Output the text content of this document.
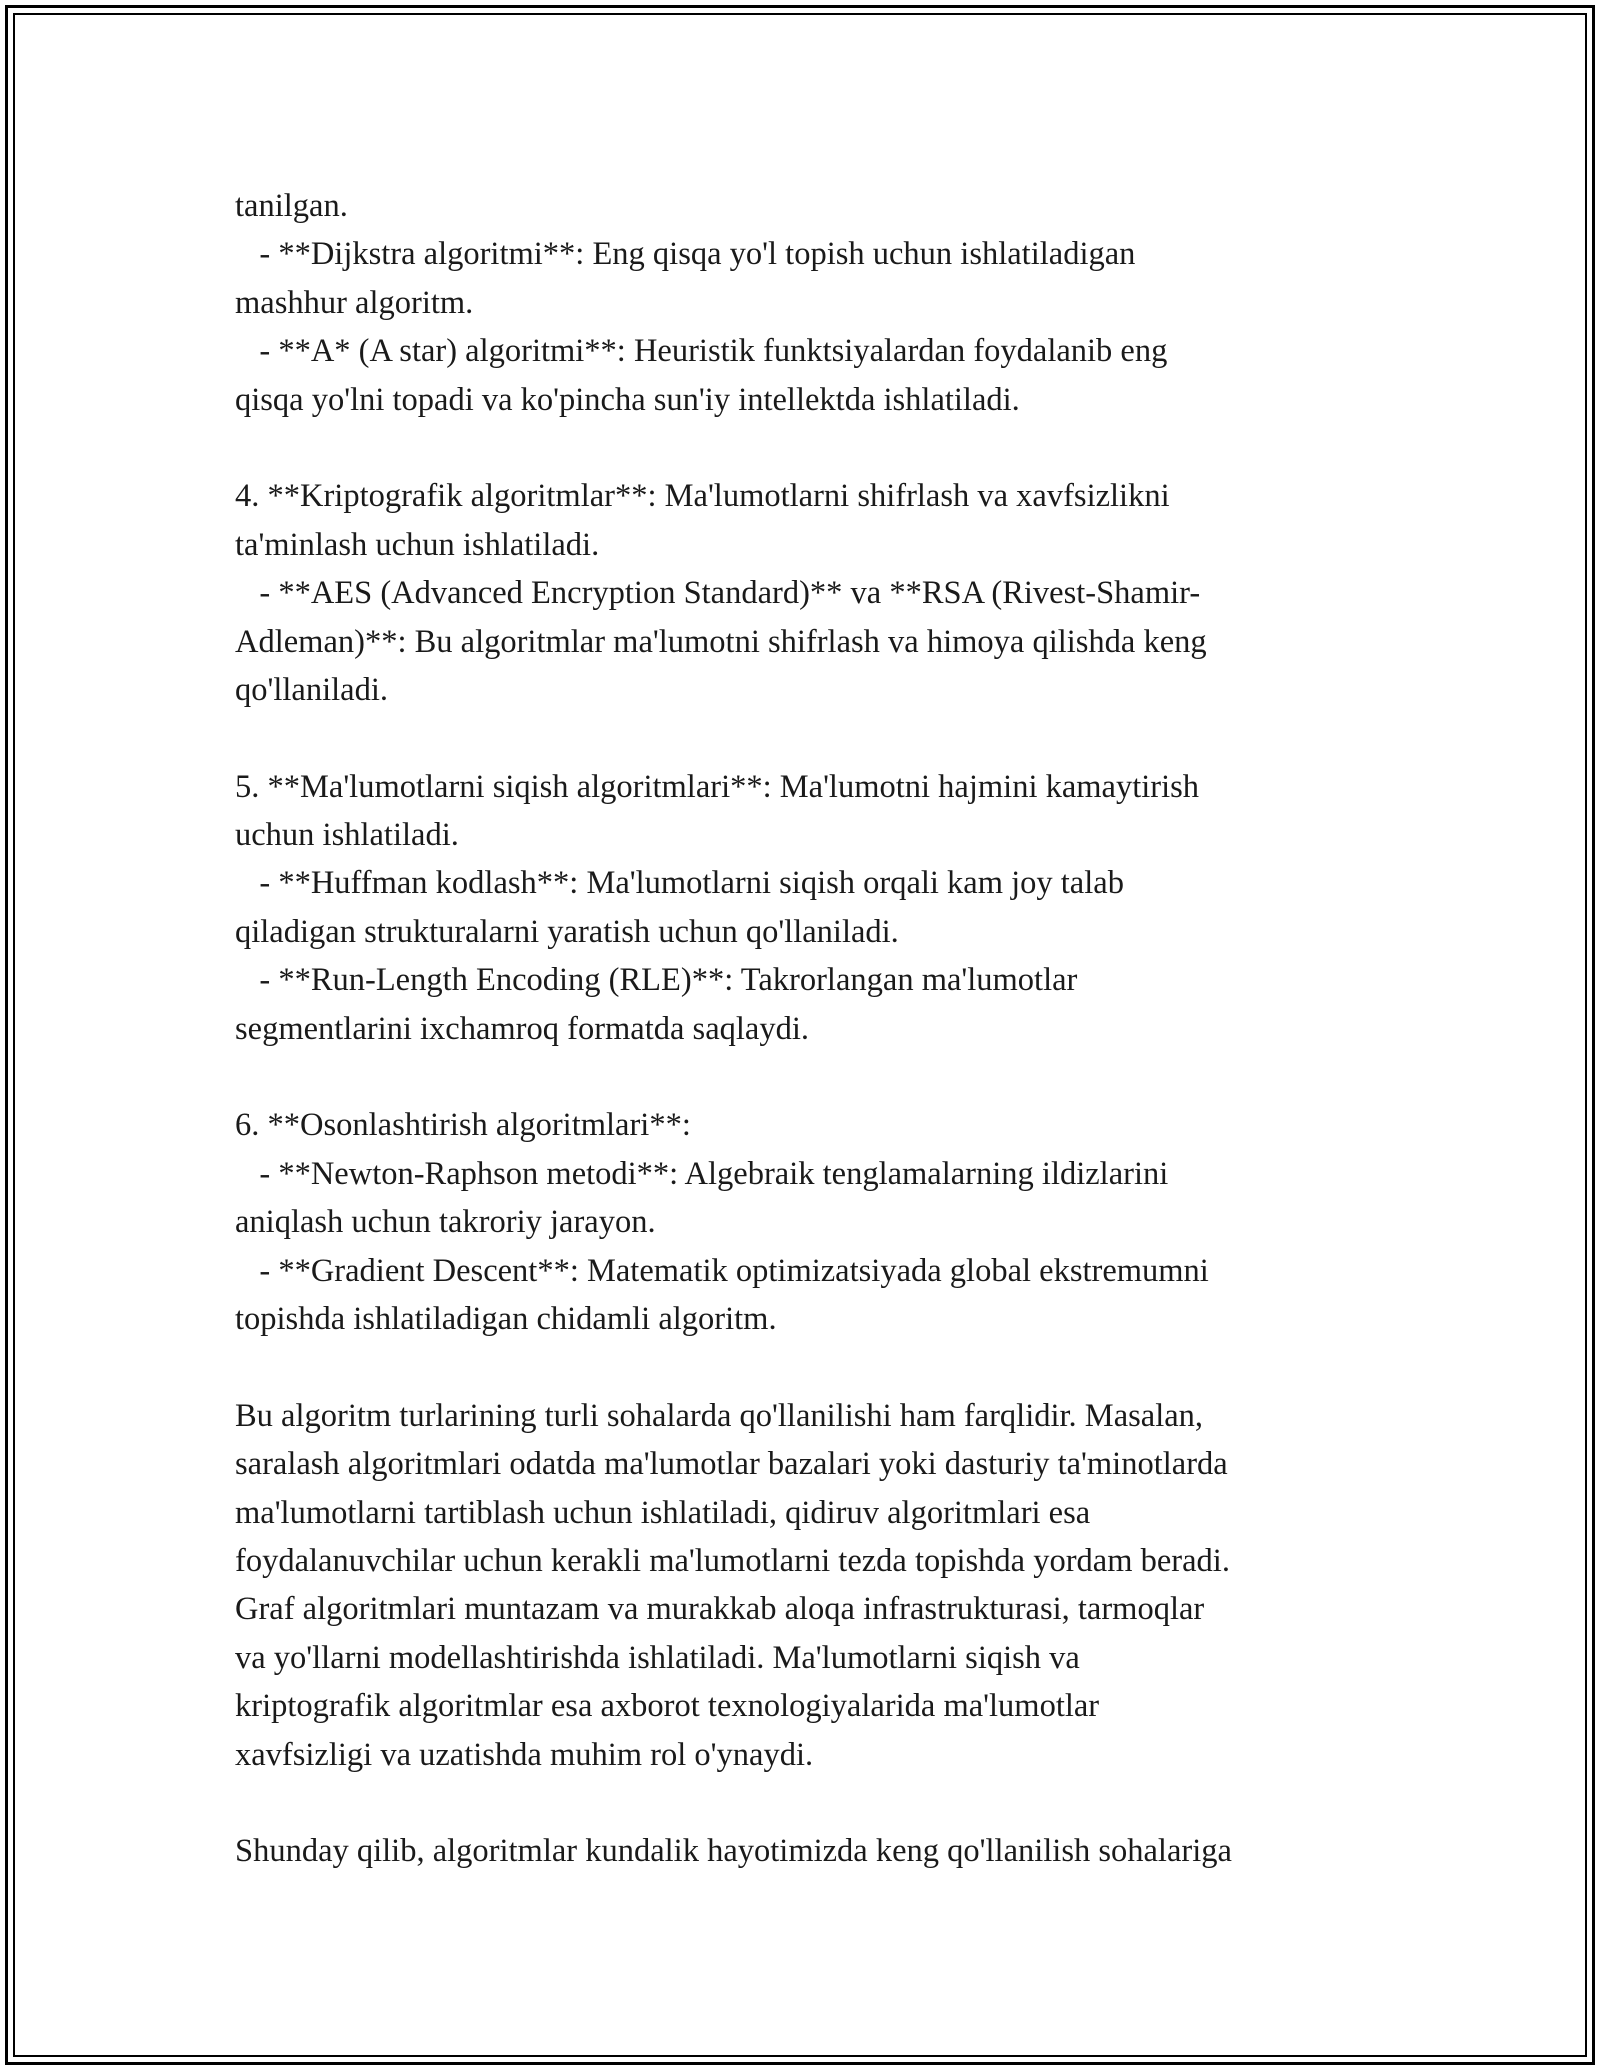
tanilgan.
- **Dijkstra algoritmi**: Eng qisqa yo'l topish uchun ishlatiladigan
mashhur algoritm.
- **A* (A star) algoritmi**: Heuristik funktsiyalardan foydalanib eng
qisqa yo'lni topadi va ko'pincha sun'iy intellektda ishlatiladi.
4. **Kriptografik algoritmlar**: Ma'lumotlarni shifrlash va xavfsizlikni
ta'minlash uchun ishlatiladi.
- **AES (Advanced Encryption Standard)** va **RSA (Rivest-Shamir-
Adleman)**: Bu algoritmlar ma'lumotni shifrlash va himoya qilishda keng
qo'llaniladi.
5. **Ma'lumotlarni siqish algoritmlari**: Ma'lumotni hajmini kamaytirish
uchun ishlatiladi.
- **Huffman kodlash**: Ma'lumotlarni siqish orqali kam joy talab
qiladigan strukturalarni yaratish uchun qo'llaniladi.
- **Run-Length Encoding (RLE)**: Takrorlangan ma'lumotlar
segmentlarini ixchamroq formatda saqlaydi.
6. **Osonlashtirish algoritmlari**:
- **Newton-Raphson metodi**: Algebraik tenglamalarning ildizlarini
aniqlash uchun takroriy jarayon.
- **Gradient Descent**: Matematik optimizatsiyada global ekstremumni
topishda ishlatiladigan chidamli algoritm.
Bu algoritm turlarining turli sohalarda qo'llanilishi ham farqlidir. Masalan,
saralash algoritmlari odatda ma'lumotlar bazalari yoki dasturiy ta'minotlarda
ma'lumotlarni tartiblash uchun ishlatiladi, qidiruv algoritmlari esa
foydalanuvchilar uchun kerakli ma'lumotlarni tezda topishda yordam beradi.
Graf algoritmlari muntazam va murakkab aloqa infrastrukturasi, tarmoqlar
va yo'llarni modellashtirishda ishlatiladi. Ma'lumotlarni siqish va
kriptografik algoritmlar esa axborot texnologiyalarida ma'lumotlar
xavfsizligi va uzatishda muhim rol o'ynaydi.
Shunday qilib, algoritmlar kundalik hayotimizda keng qo'llanilish sohalariga
